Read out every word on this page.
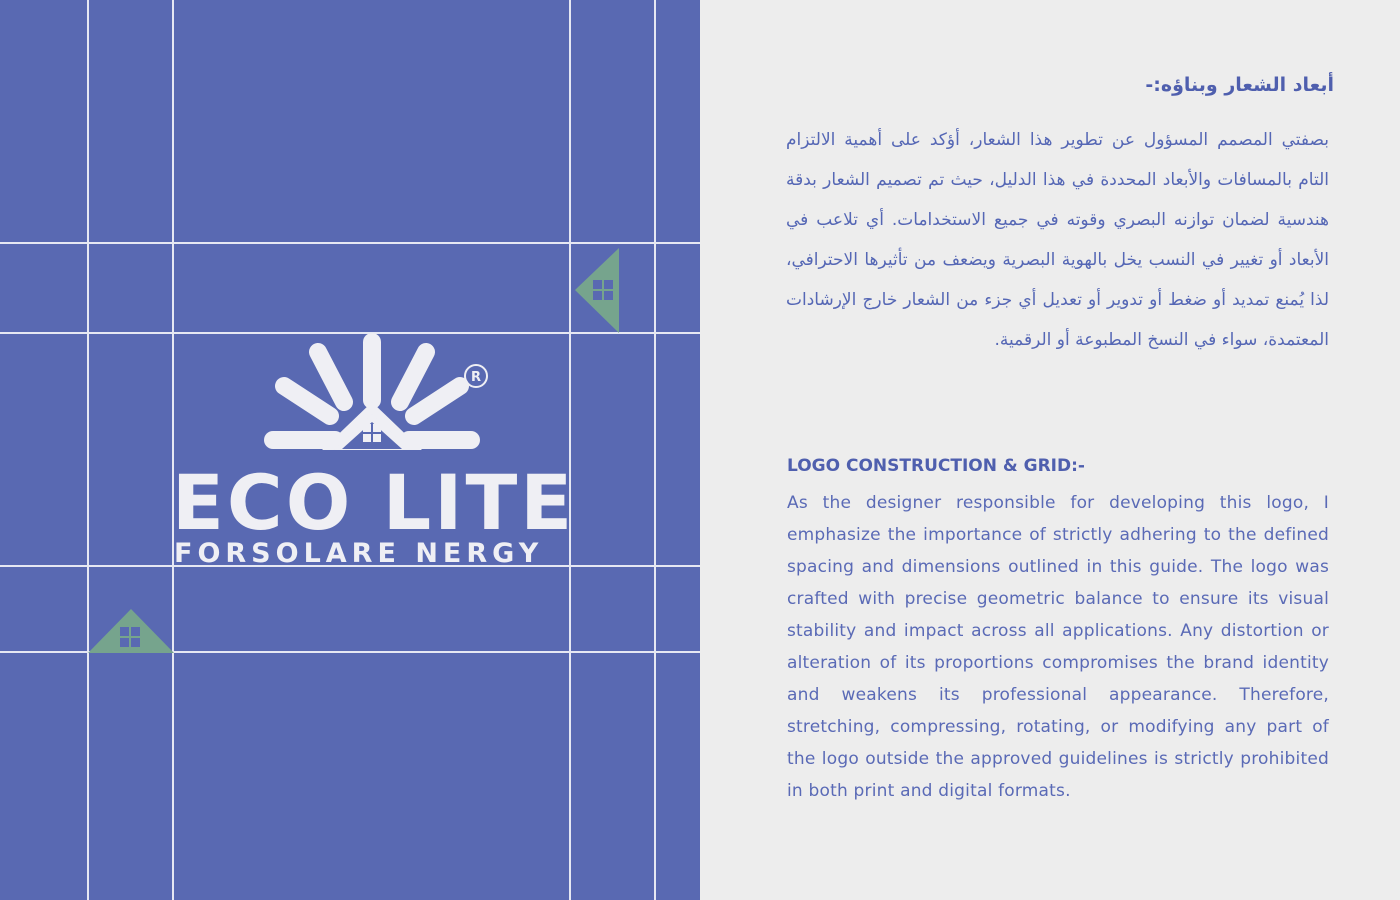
R
ECO LITE
FORSOLARE NERGY
أبعاد الشعار وبناؤه:-

بصفتي المصمم المسؤول عن تطوير هذا الشعار، أؤكد على أهمية الالتزام التام بالمسافات والأبعاد المحددة في هذا الدليل، حيث تم تصميم الشعار بدقة هندسية لضمان توازنه البصري وقوته في جميع الاستخدامات. أي تلاعب في الأبعاد أو تغيير في النسب يخل بالهوية البصرية ويضعف من تأثيرها الاحترافي، لذا يُمنع تمديد أو ضغط أو تدوير أو تعديل أي جزء من الشعار خارج الإرشادات المعتمدة، سواء في النسخ المطبوعة أو الرقمية.

LOGO CONSTRUCTION & GRID:-

As the designer responsible for developing this logo, I emphasize the importance of strictly adhering to the defined spacing and dimensions outlined in this guide. The logo was crafted with precise geometric balance to ensure its visual stability and impact across all applications. Any distortion or alteration of its proportions compromises the brand identity and weakens its professional appearance. Therefore, stretching, compressing, rotating, or modifying any part of the logo outside the approved guidelines is strictly prohibited in both print and digital formats.
